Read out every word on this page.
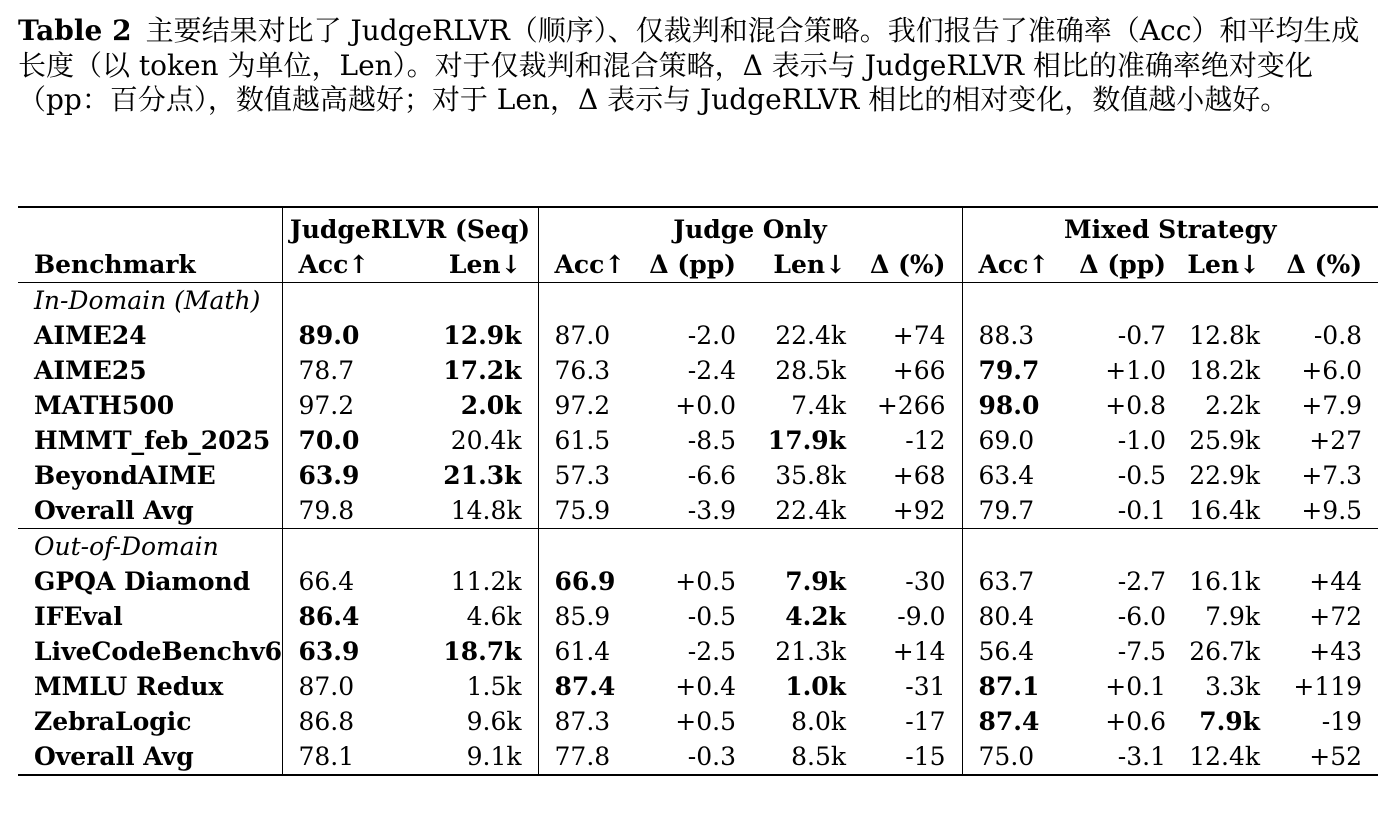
Table 2 主要结果对比了 JudgeRLVR（顺序）、仅裁判和混合策略。我们报告了准确率（Acc）和平均生成长度（以 token 为单位，Len）。对于仅裁判和混合策略，Δ 表示与 JudgeRLVR 相比的准确率绝对变化（pp：百分点），数值越高越好；对于 Len，Δ 表示与 JudgeRLVR 相比的相对变化，数值越小越好。
	JudgeRLVR (Seq)		Judge Only				Mixed Strategy			
Benchmark	Acc↑	Len↓	Acc↑	Δ (pp)	Len↓	Δ (%)	Acc↑	Δ (pp)	Len↓	Δ (%)
In-Domain (Math)										
AIME24	89.0	12.9k	87.0	-2.0	22.4k	+74	88.3	-0.7	12.8k	-0.8
AIME25	78.7	17.2k	76.3	-2.4	28.5k	+66	79.7	+1.0	18.2k	+6.0
MATH500	97.2	2.0k	97.2	+0.0	7.4k	+266	98.0	+0.8	2.2k	+7.9
HMMT_feb_2025	70.0	20.4k	61.5	-8.5	17.9k	-12	69.0	-1.0	25.9k	+27
BeyondAIME	63.9	21.3k	57.3	-6.6	35.8k	+68	63.4	-0.5	22.9k	+7.3
Overall Avg	79.8	14.8k	75.9	-3.9	22.4k	+92	79.7	-0.1	16.4k	+9.5
Out-of-Domain										
GPQA Diamond	66.4	11.2k	66.9	+0.5	7.9k	-30	63.7	-2.7	16.1k	+44
IFEval	86.4	4.6k	85.9	-0.5	4.2k	-9.0	80.4	-6.0	7.9k	+72
LiveCodeBenchv6	63.9	18.7k	61.4	-2.5	21.3k	+14	56.4	-7.5	26.7k	+43
MMLU Redux	87.0	1.5k	87.4	+0.4	1.0k	-31	87.1	+0.1	3.3k	+119
ZebraLogic	86.8	9.6k	87.3	+0.5	8.0k	-17	87.4	+0.6	7.9k	-19
Overall Avg	78.1	9.1k	77.8	-0.3	8.5k	-15	75.0	-3.1	12.4k	+52
